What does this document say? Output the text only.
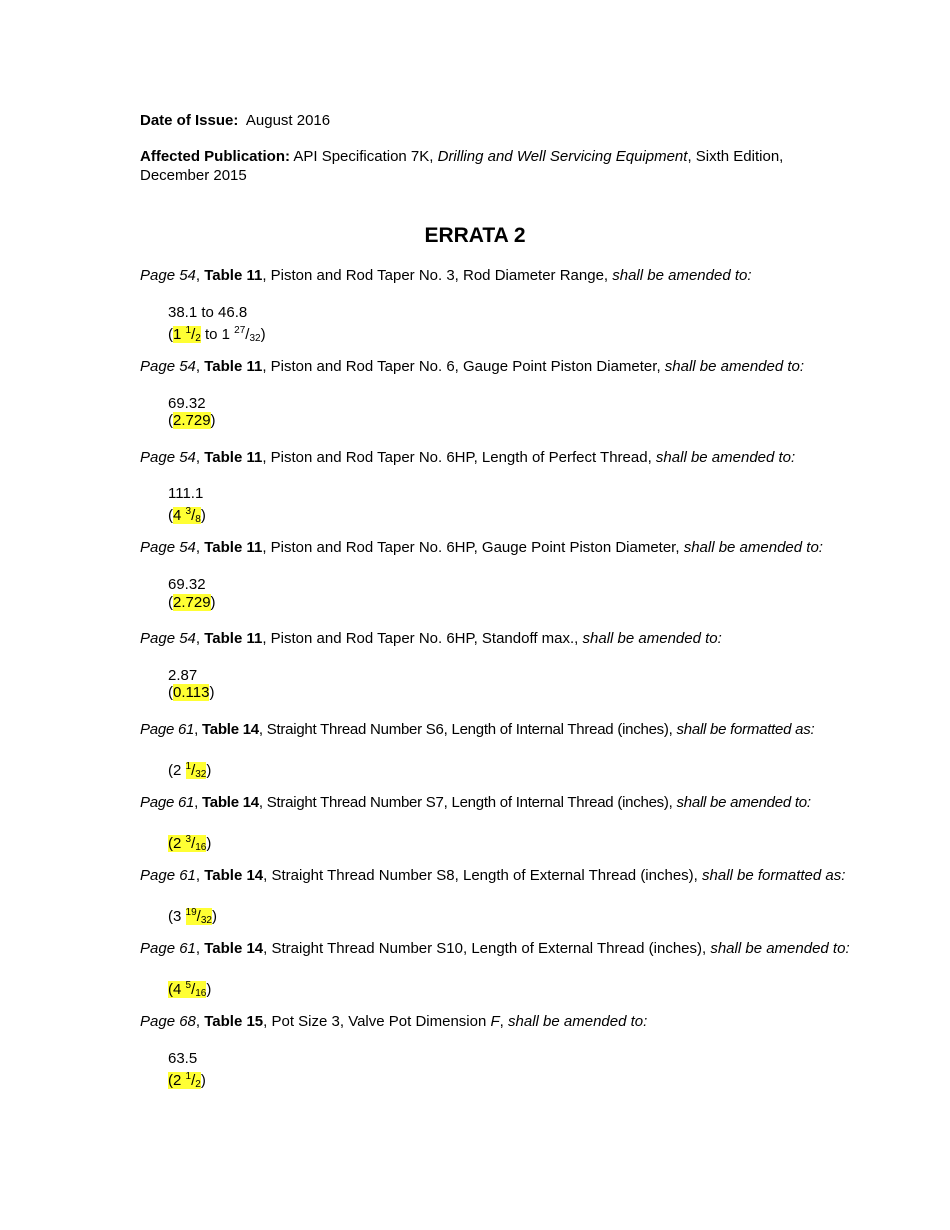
Date of Issue: August 2016
Affected Publication: API Specification 7K, Drilling and Well Servicing Equipment, Sixth Edition,
December 2015
ERRATA 2
Page 54, Table 11, Piston and Rod Taper No. 3, Rod Diameter Range, shall be amended to:
38.1 to 46.8
(1 $^1/_2$ to 1 $^{27}/_{32}$)
Page 54, Table 11, Piston and Rod Taper No. 6, Gauge Point Piston Diameter, shall be amended to:
69.32
(2.729)
Page 54, Table 11, Piston and Rod Taper No. 6HP, Length of Perfect Thread, shall be amended to:
111.1
(4 $^3/_8$)
Page 54, Table 11, Piston and Rod Taper No. 6HP, Gauge Point Piston Diameter, shall be amended to:
69.32
(2.729)
Page 54, Table 11, Piston and Rod Taper No. 6HP, Standoff max., shall be amended to:
2.87
(0.113)
Page 61, Table 14, Straight Thread Number S6, Length of Internal Thread (inches), shall be formatted as:
(2 $^1/_{32}$)
Page 61, Table 14, Straight Thread Number S7, Length of Internal Thread (inches), shall be amended to:
(2 $^3/_{16}$)
Page 61, Table 14, Straight Thread Number S8, Length of External Thread (inches), shall be formatted as:
(3 $^{19}/_{32}$)
Page 61, Table 14, Straight Thread Number S10, Length of External Thread (inches), shall be amended to:
(4 $^5/_{16}$)
Page 68, Table 15, Pot Size 3, Valve Pot Dimension F, shall be amended to:
63.5
(2 $^1/_2$)
